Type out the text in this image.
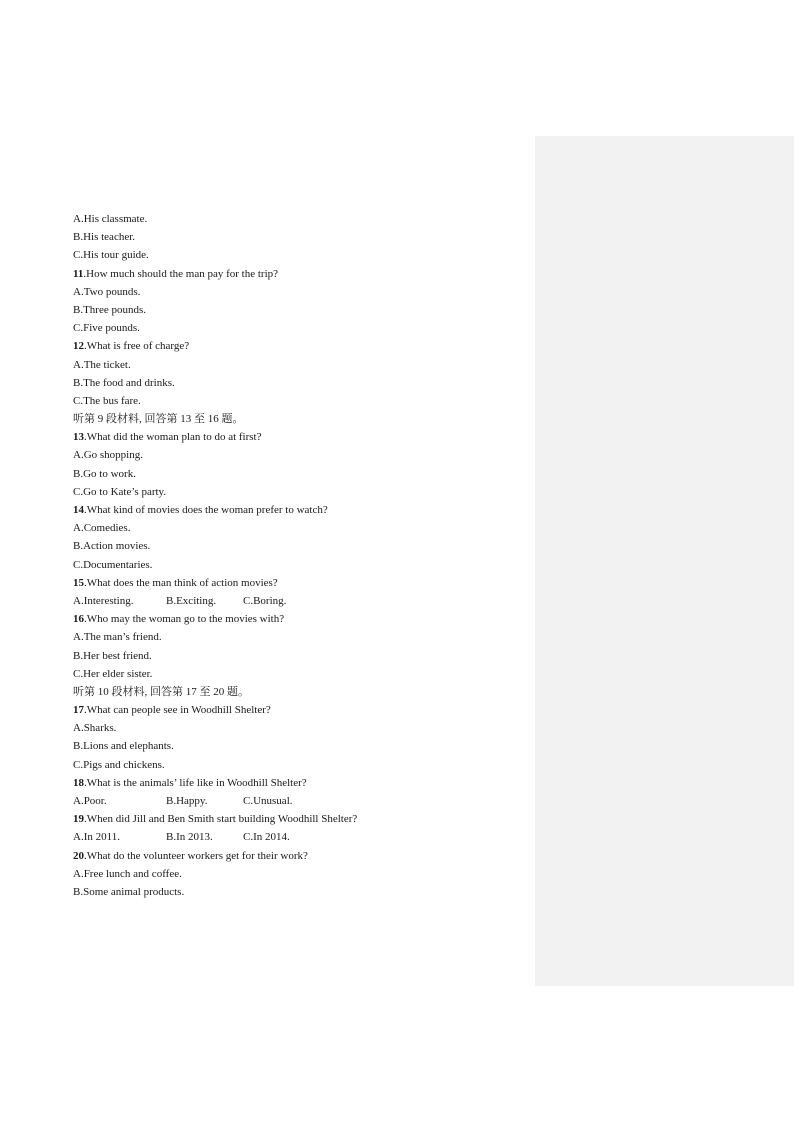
A.His classmate.
B.His teacher.
C.His tour guide.
11.How much should the man pay for the trip?
A.Two pounds.
B.Three pounds.
C.Five pounds.
12.What is free of charge?
A.The ticket.
B.The food and drinks.
C.The bus fare.
听第 9 段材料, 回答第 13 至 16 题。
13.What did the woman plan to do at first?
A.Go shopping.
B.Go to work.
C.Go to Kate’s party.
14.What kind of movies does the woman prefer to watch?
A.Comedies.
B.Action movies.
C.Documentaries.
15.What does the man think of action movies?
A.Interesting.	B.Exciting. C.Boring.
16.Who may the woman go to the movies with?
A.The man’s friend.
B.Her best friend.
C.Her elder sister.
听第 10 段材料, 回答第 17 至 20 题。
17.What can people see in Woodhill Shelter?
A.Sharks.
B.Lions and elephants.
C.Pigs and chickens.
18.What is the animals’ life like in Woodhill Shelter?
A.Poor.	B.Happy.	C.Unusual.
19.When did Jill and Ben Smith start building Woodhill Shelter?
A.In 2011.	B.In 2013.	C.In 2014.
20.What do the volunteer workers get for their work?
A.Free lunch and coffee.
B.Some animal products.
